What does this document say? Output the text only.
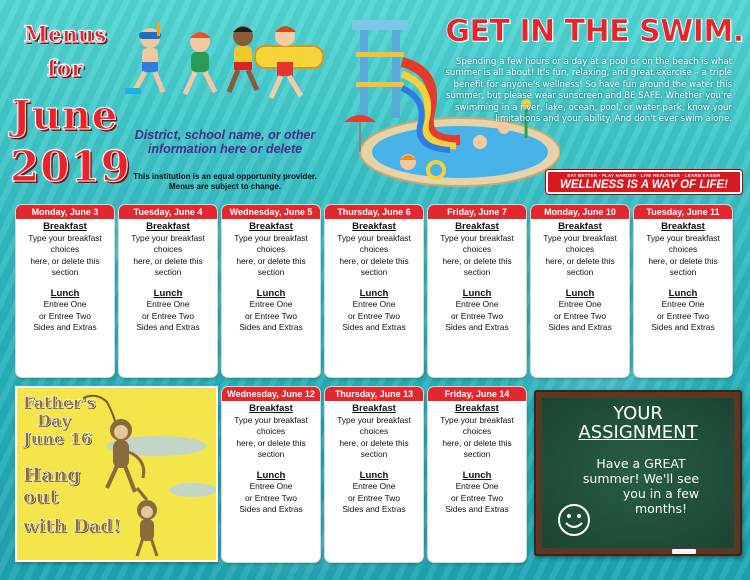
Menus
for
June
2019
District, school name, or other information here or delete
This institution is an equal opportunity provider.
Menus are subject to change.
GET IN THE SWIM.
Spending a few hours or a day at a pool or on the beach is what summer is all about! It's fun, relaxing, and great exercise – a triple benefit for anyone's wellness! So have fun around the water this summer, but please wear sunscreen and BE SAFE. Whether you're swimming in a river, lake, ocean, pool, or water park, know your limitations and your ability. And don't ever swim alone.
EAT BETTER · PLAY HARDER · LIVE HEALTHIER · LEARN EASIER
WELLNESS IS A WAY OF LIFE!
Monday, June 3
Breakfast
Type your breakfast choices
here, or delete this section
Lunch
Entree One
or Entree Two
Sides and Extras
Tuesday, June 4
Breakfast
Type your breakfast choices
here, or delete this section
Lunch
Entree One
or Entree Two
Sides and Extras
Wednesday, June 5
Breakfast
Type your breakfast choices
here, or delete this section
Lunch
Entree One
or Entree Two
Sides and Extras
Thursday, June 6
Breakfast
Type your breakfast choices
here, or delete this section
Lunch
Entree One
or Entree Two
Sides and Extras
Friday, June 7
Breakfast
Type your breakfast choices
here, or delete this section
Lunch
Entree One
or Entree Two
Sides and Extras
Monday, June 10
Breakfast
Type your breakfast choices
here, or delete this section
Lunch
Entree One
or Entree Two
Sides and Extras
Tuesday, June 11
Breakfast
Type your breakfast choices
here, or delete this section
Lunch
Entree One
or Entree Two
Sides and Extras
Father's
Day
June 16
Hang
out
with Dad!
Wednesday, June 12
Breakfast
Type your breakfast choices
here, or delete this section
Lunch
Entree One
or Entree Two
Sides and Extras
Thursday, June 13
Breakfast
Type your breakfast choices
here, or delete this section
Lunch
Entree One
or Entree Two
Sides and Extras
Friday, June 14
Breakfast
Type your breakfast choices
here, or delete this section
Lunch
Entree One
or Entree Two
Sides and Extras
YOUR
ASSIGNMENT
Have a GREAT
summer! We'll see
you in a few
months!
